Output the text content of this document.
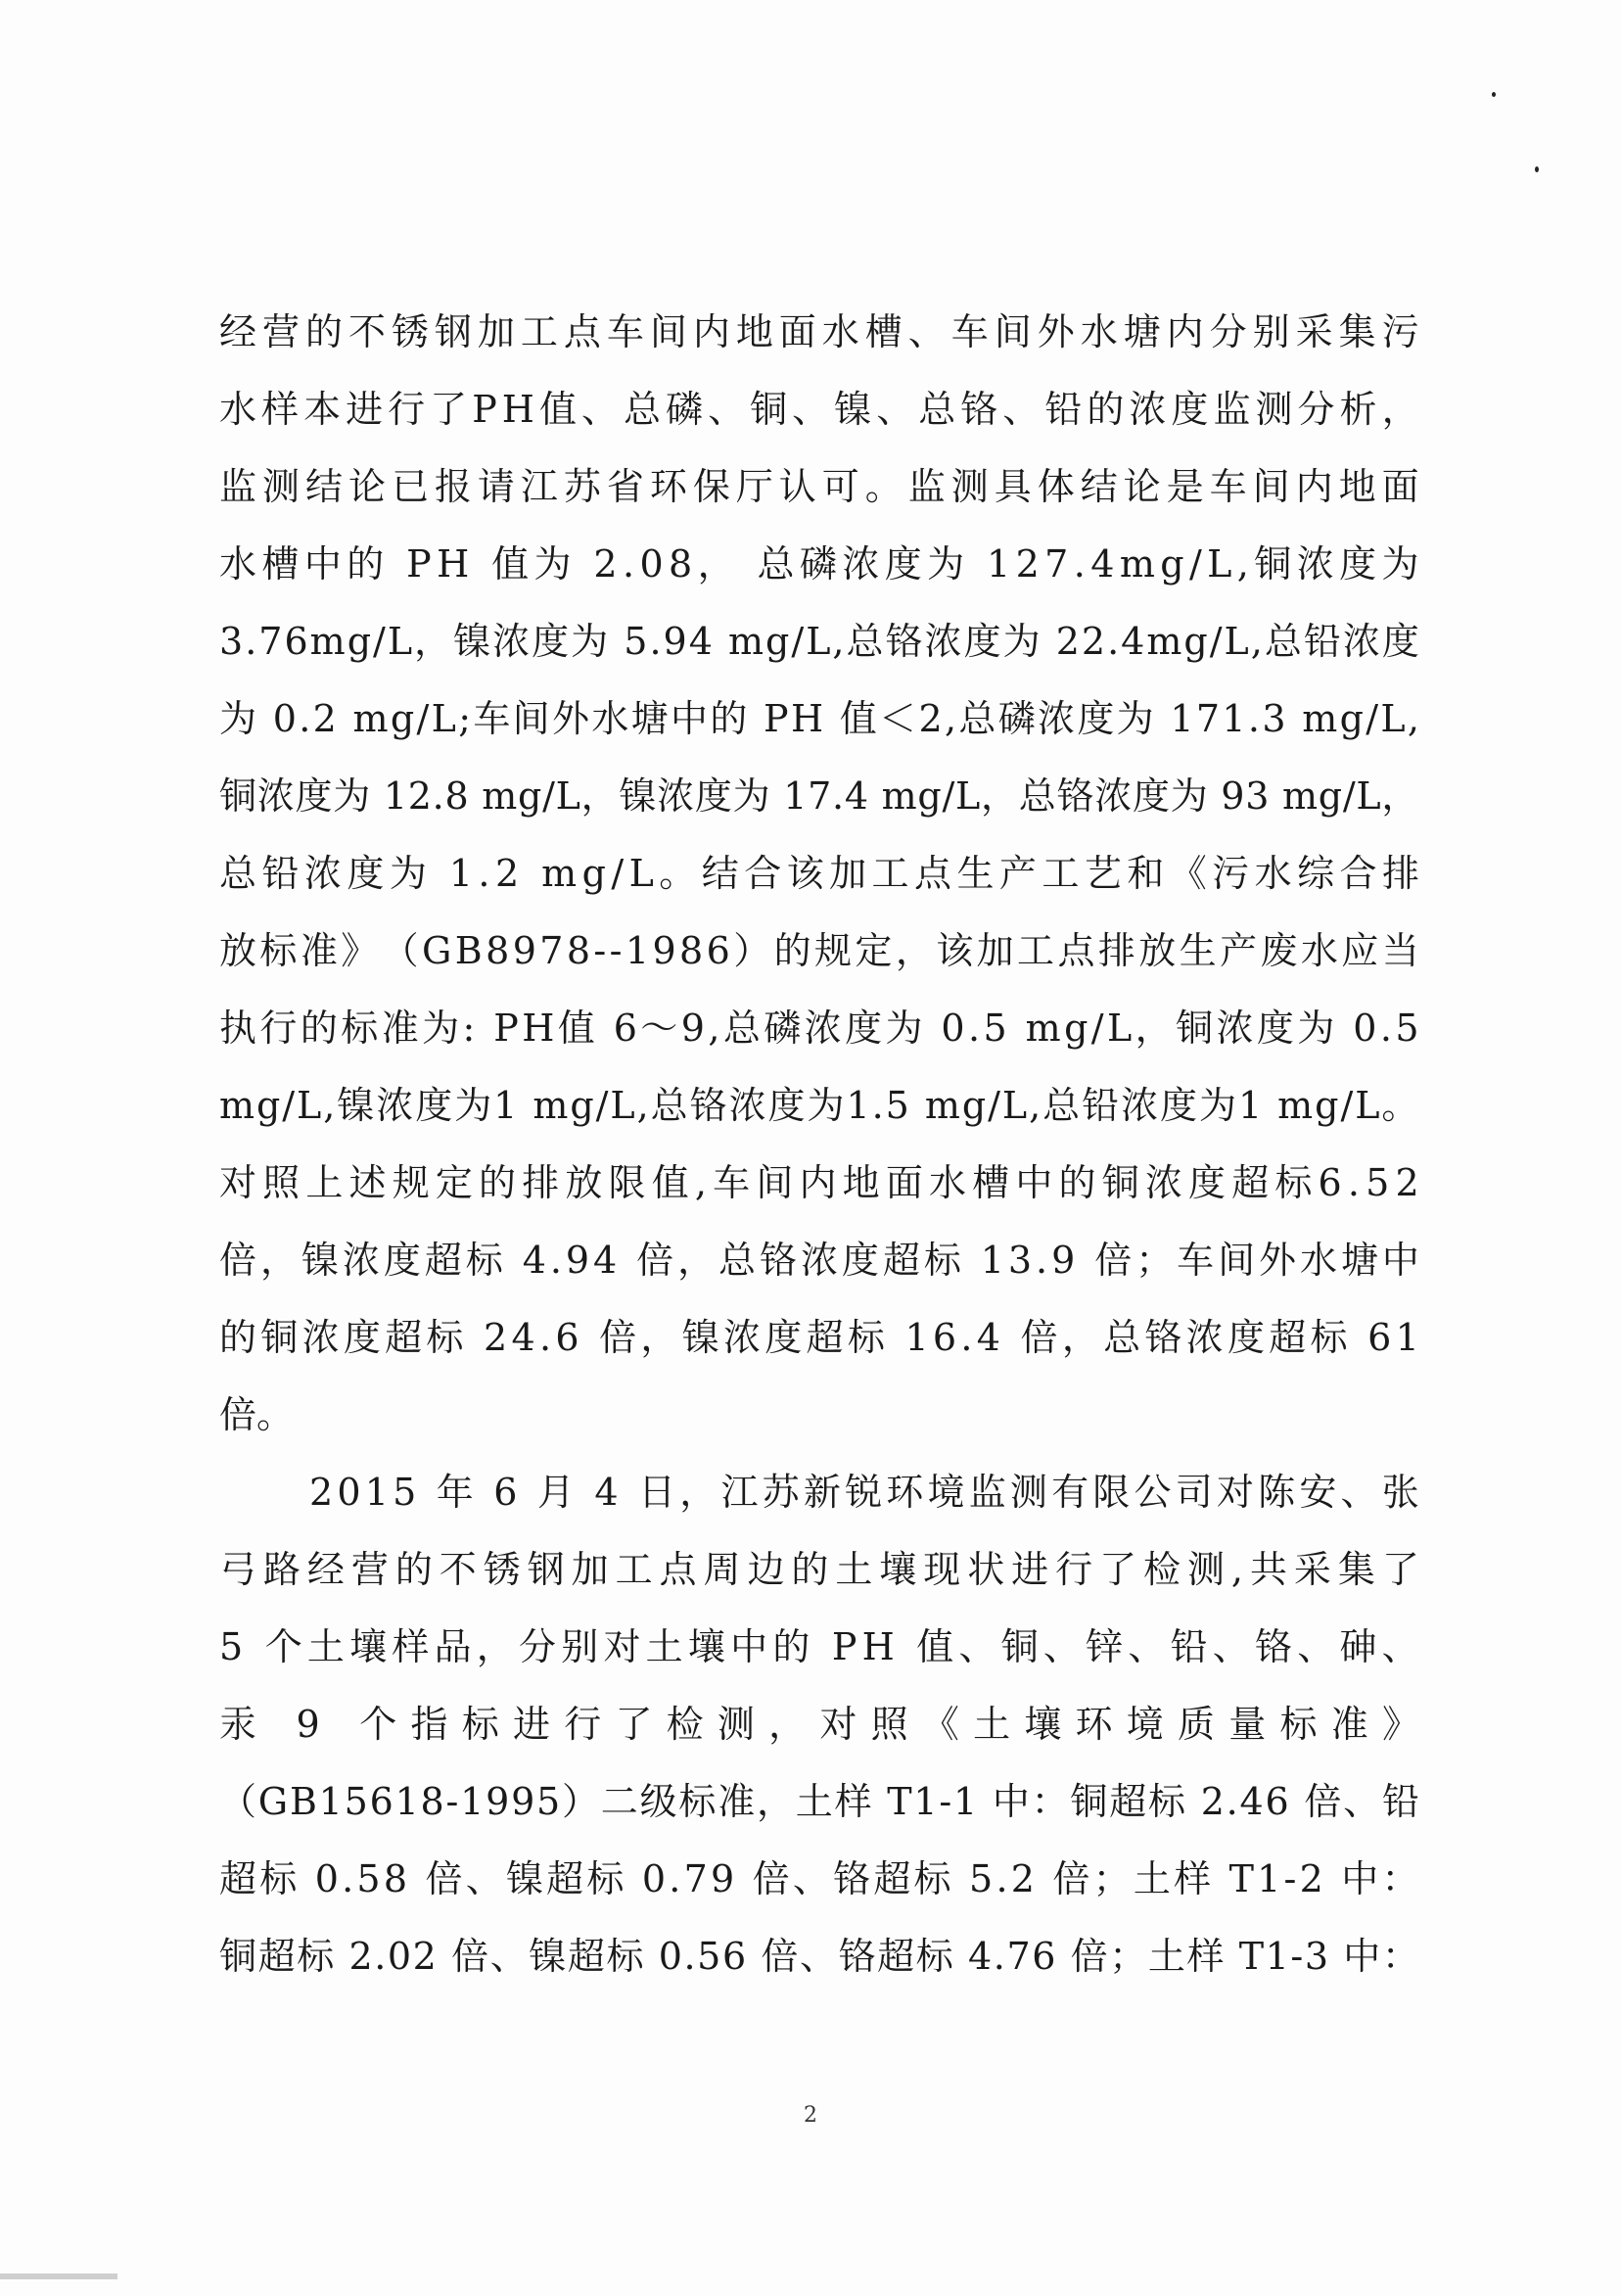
经 营 的 不 锈 钢 加 工 点 车 间 内 地 面 水 槽 、 车 间 外 水 塘 内 分 别 采 集 污
水 样 本 进 行 了 P H 值 、 总 磷 、 铜 、 镍 、 总 铬 、 铅 的 浓 度 监 测 分 析 ，
监 测 结 论 已 报 请 江 苏 省 环 保 厅 认 可 。 监 测 具 体 结 论 是 车 间 内 地 面
水 槽 中 的
P H
值 为
2 . 0 8 ，
总 磷 浓 度 为
1 2 7 . 4 m g / L , 铜 浓 度 为
3 . 7 6 m g / L ， 镍 浓 度 为
5 . 9 4
m g / L , 总 铬 浓 度 为
2 2 . 4 m g / L , 总 铅 浓 度
为
0 . 2
m g / L ; 车 间 外 水 塘 中 的
P H
值 ＜ 2 , 总 磷 浓 度 为
1 7 1 . 3
m g / L ,
铜 浓 度 为
1 2 . 8
m g / L ， 镍 浓 度 为
1 7 . 4
m g / L ， 总 铬 浓 度 为
9 3
m g / L ，
总 铅 浓 度 为
1 . 2
m g / L 。 结 合 该 加 工 点 生 产 工 艺 和 《 污 水 综 合 排
放 标 准 》 （ G B 8 9 7 8 - - 1 9 8 6 ） 的 规 定 ， 该 加 工 点 排 放 生 产 废 水 应 当
执 行 的 标 准 为 :
P H 值
6 ～ 9 , 总 磷 浓 度 为
0 . 5
m g / L ， 铜 浓 度 为
0 . 5
m g / L , 镍 浓 度 为 1
m g / L , 总 铬 浓 度 为 1 . 5
m g / L , 总 铅 浓 度 为 1
m g / L 。
对 照 上 述 规 定 的 排 放 限 值 , 车 间 内 地 面 水 槽 中 的 铜 浓 度 超 标 6 . 5 2
倍 ， 镍 浓 度 超 标
4 . 9 4
倍 ， 总 铬 浓 度 超 标
1 3 . 9
倍 ； 车 间 外 水 塘 中
的 铜 浓 度 超 标
2 4 . 6
倍 ， 镍 浓 度 超 标
1 6 . 4
倍 ， 总 铬 浓 度 超 标
6 1
倍。
2 0 1 5
年
6
月
4
日 ， 江 苏 新 锐 环 境 监 测 有 限 公 司 对 陈 安 、 张
弓 路 经 营 的 不 锈 钢 加 工 点 周 边 的 土 壤 现 状 进 行 了 检 测 , 共 采 集 了
5
个 土 壤 样 品 ， 分 别 对 土 壤 中 的
P H
值 、 铜 、 锌 、 铅 、 铬 、 砷 、
汞
9
个 指 标 进 行 了 检 测 ， 对 照 《 土 壤 环 境 质 量 标 准 》
（ G B 1 5 6 1 8 - 1 9 9 5 ） 二 级 标 准 ， 土 样
T 1 - 1
中 ： 铜 超 标
2 . 4 6
倍 、 铅
超 标
0 . 5 8
倍 、 镍 超 标
0 . 7 9
倍 、 铬 超 标
5 . 2
倍 ； 土 样
T 1 - 2
中 ：
铜 超 标
2 . 0 2
倍 、 镍 超 标
0 . 5 6
倍 、 铬 超 标
4 . 7 6
倍 ； 土 样
T 1 - 3
中 ：
2
